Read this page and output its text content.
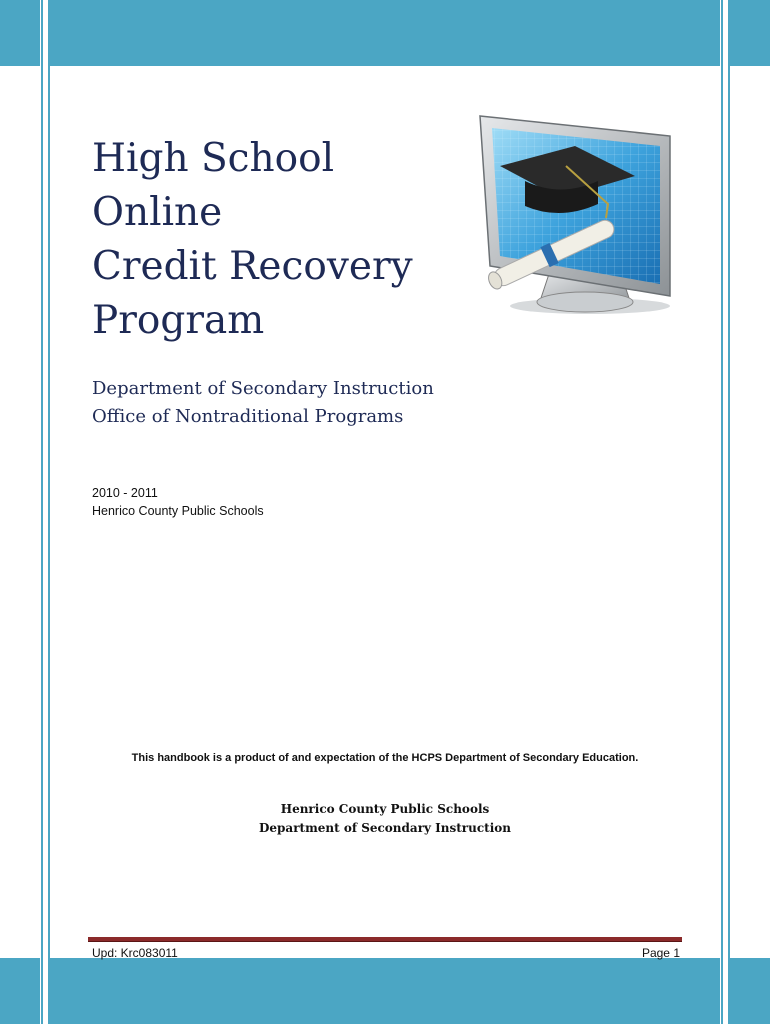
High School
Online
Credit Recovery
Program
Department of Secondary Instruction
Office of Nontraditional Programs
2010 - 2011
Henrico County Public Schools
This handbook is a product of and expectation of the HCPS Department of Secondary Education.
Henrico County Public Schools
Department of Secondary Instruction
Upd: Krc083011	Page 1
